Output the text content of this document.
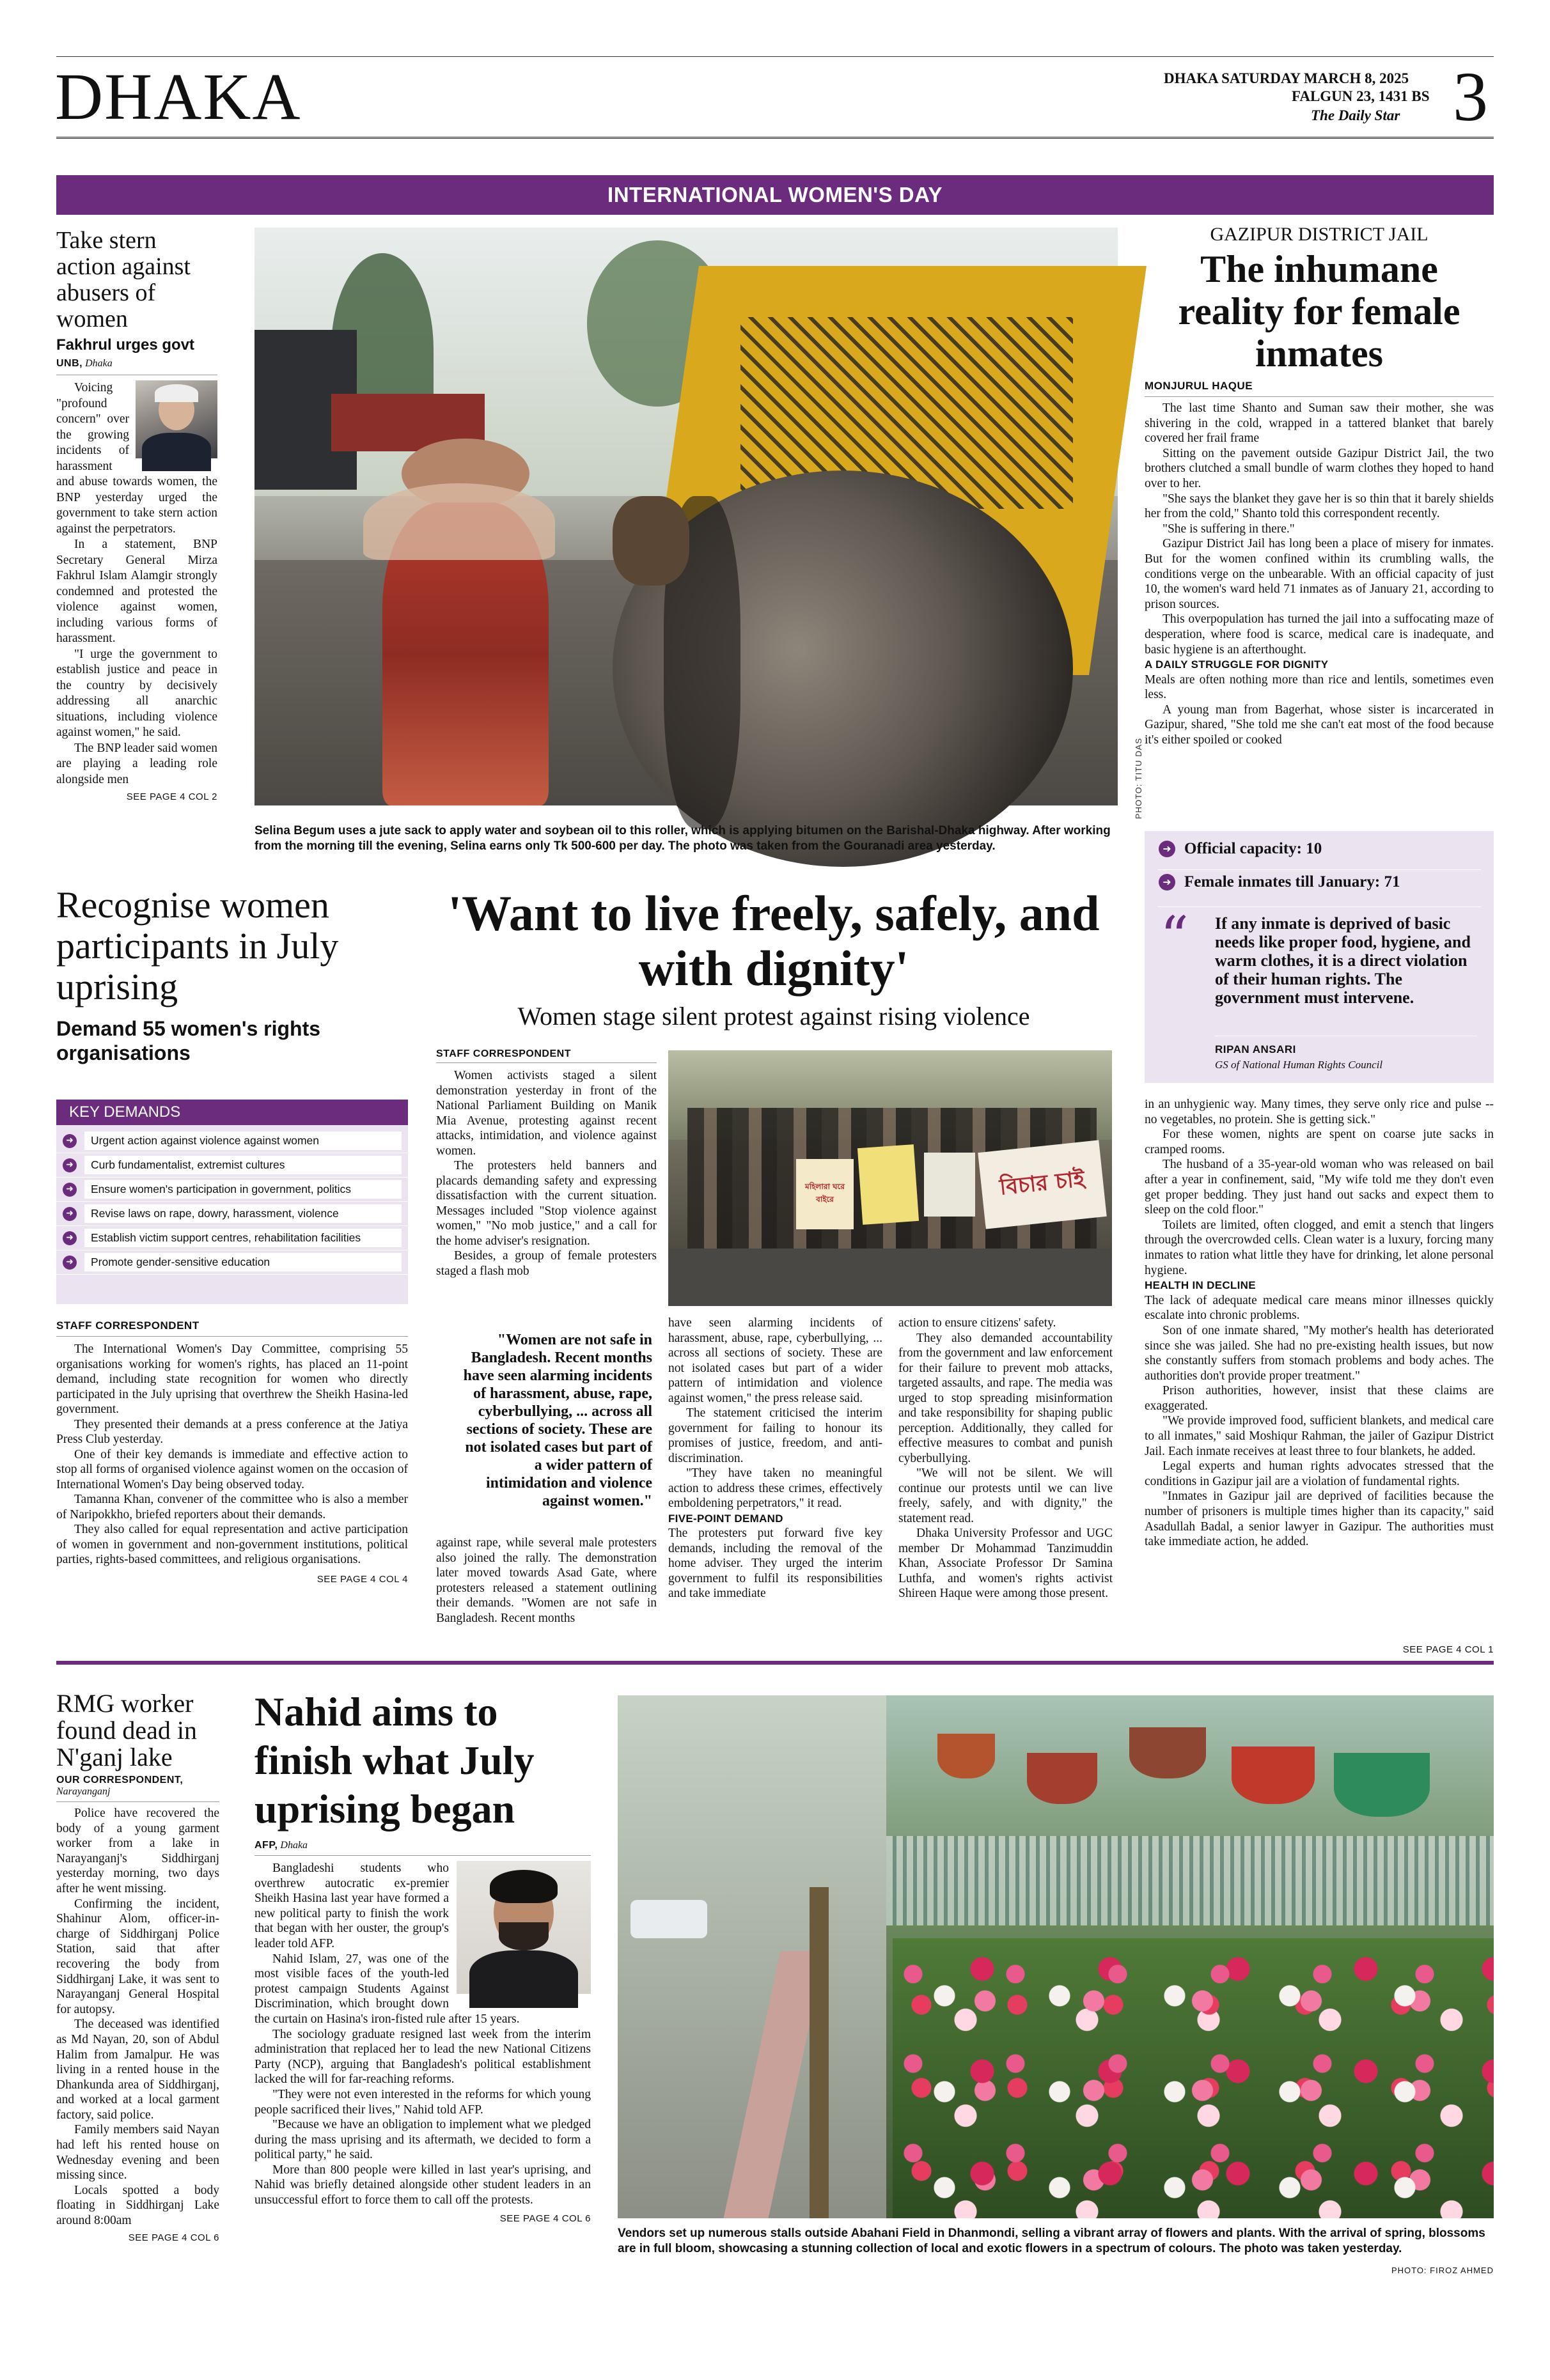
DHAKA	DHAKA SATURDAY MARCH 8, 2025
FALGUN 23, 1431 BS
The Daily Star 3
INTERNATIONAL WOMEN'S DAY
Take stern action against abusers of women
Fakhrul urges govt
UNB, Dhaka

Voicing "profound concern" over the growing incidents of harassment and abuse towards women, the BNP yesterday urged the government to take stern action against the perpetrators.

In a statement, BNP Secretary General Mirza Fakhrul Islam Alamgir strongly condemned and protested the violence against women, including various forms of harassment.

"I urge the government to establish justice and peace in the country by decisively addressing all anarchic situations, including violence against women," he said.

The BNP leader said women are playing a leading role alongside men

SEE PAGE 4 COL 2	PHOTO: TITU DAS
Selina Begum uses a jute sack to apply water and soybean oil to this roller, which is applying bitumen on the Barishal-Dhaka highway. After working from the morning till the evening, Selina earns only Tk 500-600 per day. The photo was taken from the Gouranadi area yesterday.
GAZIPUR DISTRICT JAIL
The inhumane reality for female inmates
MONJURUL HAQUE

The last time Shanto and Suman saw their mother, she was shivering in the cold, wrapped in a tattered blanket that barely covered her frail frame

Sitting on the pavement outside Gazipur District Jail, the two brothers clutched a small bundle of warm clothes they hoped to hand over to her.

"She says the blanket they gave her is so thin that it barely shields her from the cold," Shanto told this correspondent recently.

"She is suffering in there."

Gazipur District Jail has long been a place of misery for inmates. But for the women confined within its crumbling walls, the conditions verge on the unbearable. With an official capacity of just 10, the women's ward held 71 inmates as of January 21, according to prison sources.

This overpopulation has turned the jail into a suffocating maze of desperation, where food is scarce, medical care is inadequate, and basic hygiene is an afterthought.

A DAILY STRUGGLE FOR DIGNITY

Meals are often nothing more than rice and lentils, sometimes even less.

A young man from Bagerhat, whose sister is incarcerated in Gazipur, shared, "She told me she can't eat most of the food because it's either spoiled or cooked

➜ Official capacity: 10
➜ Female inmates till January: 71
“ If any inmate is deprived of basic needs like proper food, hygiene, and warm clothes, it is a direct violation of their human rights. The government must intervene.
RIPAN ANSARI
GS of National Human Rights Council

in an unhygienic way. Many times, they serve only rice and pulse -- no vegetables, no protein. She is getting sick."

For these women, nights are spent on coarse jute sacks in cramped rooms.

The husband of a 35-year-old woman who was released on bail after a year in confinement, said, "My wife told me they don't even get proper bedding. They just hand out sacks and expect them to sleep on the cold floor."

Toilets are limited, often clogged, and emit a stench that lingers through the overcrowded cells. Clean water is a luxury, forcing many inmates to ration what little they have for drinking, let alone personal hygiene.

HEALTH IN DECLINE

The lack of adequate medical care means minor illnesses quickly escalate into chronic problems.

Son of one inmate shared, "My mother's health has deteriorated since she was jailed. She had no pre-existing health issues, but now she constantly suffers from stomach problems and body aches. The authorities don't provide proper treatment."

Prison authorities, however, insist that these claims are exaggerated.

"We provide improved food, sufficient blankets, and medical care to all inmates," said Moshiqur Rahman, the jailer of Gazipur District Jail. Each inmate receives at least three to four blankets, he added.

Legal experts and human rights advocates stressed that the conditions in Gazipur jail are a violation of fundamental rights.

"Inmates in Gazipur jail are deprived of facilities because the number of prisoners is multiple times higher than its capacity," said Asadullah Badal, a senior lawyer in Gazipur. The authorities must take immediate action, he added.

SEE PAGE 4 COL 1
Recognise women participants in July uprising
Demand 55 women's rights organisations
KEY DEMANDS
➜	Urgent action against violence against women
➜	Curb fundamentalist, extremist cultures
➜	Ensure women's participation in government, politics
➜	Revise laws on rape, dowry, harassment, violence
➜	Establish victim support centres, rehabilitation facilities
➜	Promote gender-sensitive education
STAFF CORRESPONDENT

The International Women's Day Committee, comprising 55 organisations working for women's rights, has placed an 11-point demand, including state recognition for women who directly participated in the July uprising that overthrew the Sheikh Hasina-led government.

They presented their demands at a press conference at the Jatiya Press Club yesterday.

One of their key demands is immediate and effective action to stop all forms of organised violence against women on the occasion of International Women's Day being observed today.

Tamanna Khan, convener of the committee who is also a member of Naripokkho, briefed reporters about their demands.

They also called for equal representation and active participation of women in government and non-government institutions, political parties, rights-based committees, and religious organisations.

SEE PAGE 4 COL 4
'Want to live freely, safely, and with dignity'
Women stage silent protest against rising violence
STAFF CORRESPONDENT

Women activists staged a silent demonstration yesterday in front of the National Parliament Building on Manik Mia Avenue, protesting against recent attacks, intimidation, and violence against women.

The protesters held banners and placards demanding safety and expressing dissatisfaction with the current situation. Messages included "Stop violence against women," "No mob justice," and a call for the home adviser's resignation.

Besides, a group of female protesters staged a flash mob

বিচার চাই
মহিলারা ঘরে বাইরে
"Women are not safe in Bangladesh. Recent months have seen alarming incidents of harassment, abuse, rape, cyberbullying, ... across all sections of society. These are not isolated cases but part of a wider pattern of intimidation and violence against women."

against rape, while several male protesters also joined the rally. The demonstration later moved towards Asad Gate, where protesters released a statement outlining their demands. "Women are not safe in Bangladesh. Recent months

have seen alarming incidents of harassment, abuse, rape, cyberbullying, ... across all sections of society. These are not isolated cases but part of a wider pattern of intimidation and violence against women," the press release said.

The statement criticised the interim government for failing to honour its promises of justice, freedom, and anti-discrimination.

"They have taken no meaningful action to address these crimes, effectively emboldening perpetrators," it read.

FIVE-POINT DEMAND

The protesters put forward five key demands, including the removal of the home adviser. They urged the interim government to fulfil its responsibilities and take immediate

action to ensure citizens' safety.

They also demanded accountability from the government and law enforcement for their failure to prevent mob attacks, targeted assaults, and rape. The media was urged to stop spreading misinformation and take responsibility for shaping public perception. Additionally, they called for effective measures to combat and punish cyberbullying.

"We will not be silent. We will continue our protests until we can live freely, safely, and with dignity," the statement read.

Dhaka University Professor and UGC member Dr Mohammad Tanzimuddin Khan, Associate Professor Dr Samina Luthfa, and women's rights activist Shireen Haque were among those present.

RMG worker found dead in N'ganj lake
OUR CORRESPONDENT,
Narayanganj

Police have recovered the body of a young garment worker from a lake in Narayanganj's Siddhirganj yesterday morning, two days after he went missing.

Confirming the incident, Shahinur Alom, officer-in-charge of Siddhirganj Police Station, said that after recovering the body from Siddhirganj Lake, it was sent to Narayanganj General Hospital for autopsy.

The deceased was identified as Md Nayan, 20, son of Abdul Halim from Jamalpur. He was living in a rented house in the Dhankunda area of Siddhirganj, and worked at a local garment factory, said police.

Family members said Nayan had left his rented house on Wednesday evening and been missing since.

Locals spotted a body floating in Siddhirganj Lake around 8:00am

SEE PAGE 4 COL 6
Nahid aims to finish what July uprising began
AFP, Dhaka

Bangladeshi students who overthrew autocratic ex-premier Sheikh Hasina last year have formed a new political party to finish the work that began with her ouster, the group's leader told AFP.

Nahid Islam, 27, was one of the most visible faces of the youth-led protest campaign Students Against Discrimination, which brought down the curtain on Hasina's iron-fisted rule after 15 years.

The sociology graduate resigned last week from the interim administration that replaced her to lead the new National Citizens Party (NCP), arguing that Bangladesh's political establishment lacked the will for far-reaching reforms.

"They were not even interested in the reforms for which young people sacrificed their lives," Nahid told AFP.

"Because we have an obligation to implement what we pledged during the mass uprising and its aftermath, we decided to form a political party," he said.

More than 800 people were killed in last year's uprising, and Nahid was briefly detained alongside other student leaders in an unsuccessful effort to force them to call off the protests.

SEE PAGE 4 COL 6
Vendors set up numerous stalls outside Abahani Field in Dhanmondi, selling a vibrant array of flowers and plants. With the arrival of spring, blossoms are in full bloom, showcasing a stunning collection of local and exotic flowers in a spectrum of colours. The photo was taken yesterday.
PHOTO: FIROZ AHMED
